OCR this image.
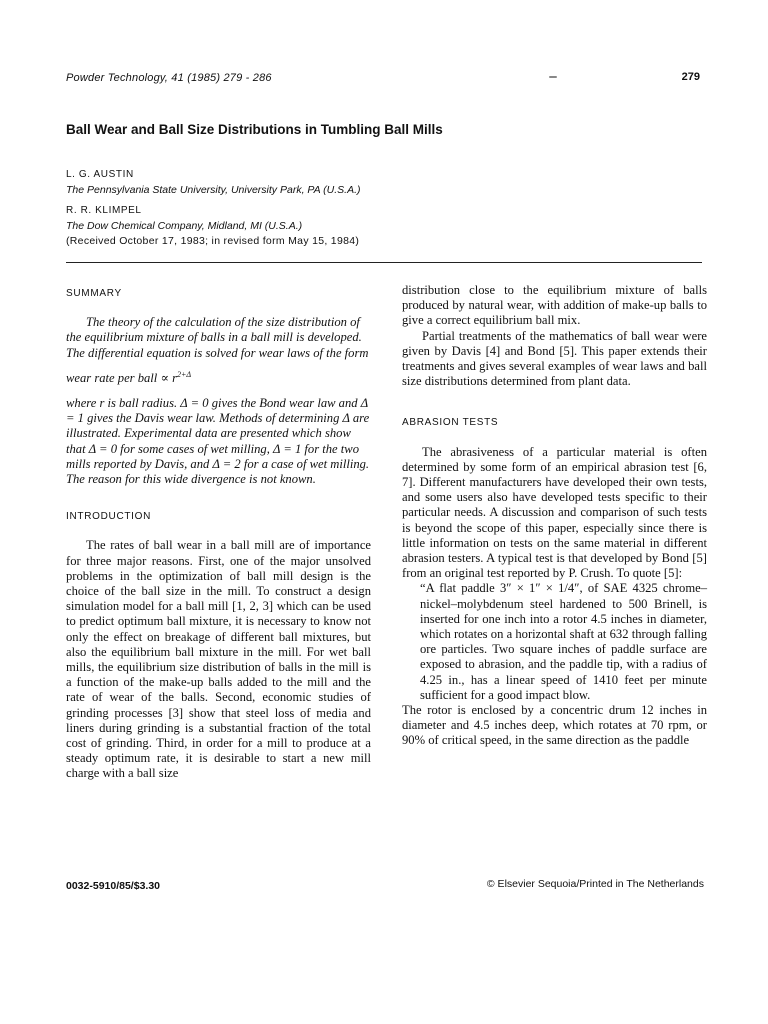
Powder Technology, 41 (1985) 279 - 286	279
Ball Wear and Ball Size Distributions in Tumbling Ball Mills
L. G. AUSTIN
The Pennsylvania State University, University Park, PA (U.S.A.)
R. R. KLIMPEL
The Dow Chemical Company, Midland, MI (U.S.A.)
(Received October 17, 1983; in revised form May 15, 1984)
SUMMARY

The theory of the calculation of the size distribution of the equilibrium mixture of balls in a ball mill is developed. The differential equation is solved for wear laws of the form

wear rate per ball ∝ $r^{2+\Delta}$

where r is ball radius. Δ = 0 gives the Bond wear law and Δ = 1 gives the Davis wear law. Methods of determining Δ are illustrated. Experimental data are presented which show that Δ = 0 for some cases of wet milling, Δ = 1 for the two mills reported by Davis, and Δ = 2 for a case of wet milling. The reason for this wide divergence is not known.

INTRODUCTION

The rates of ball wear in a ball mill are of importance for three major reasons. First, one of the major unsolved problems in the optimization of ball mill design is the choice of the ball size in the mill. To construct a design simulation model for a ball mill [1, 2, 3] which can be used to predict optimum ball mixture, it is necessary to know not only the effect on breakage of different ball mixtures, but also the equilibrium ball mixture in the mill. For wet ball mills, the equilibrium size distribution of balls in the mill is a function of the make-up balls added to the mill and the rate of wear of the balls. Second, economic studies of grinding processes [3] show that steel loss of media and liners during grinding is a substantial fraction of the total cost of grinding. Third, in order for a mill to produce at a steady optimum rate, it is desirable to start a new mill charge with a ball size

distribution close to the equilibrium mixture of balls produced by natural wear, with addition of make-up balls to give a correct equilibrium ball mix.

Partial treatments of the mathematics of ball wear were given by Davis [4] and Bond [5]. This paper extends their treatments and gives several examples of wear laws and ball size distributions determined from plant data.

ABRASION TESTS

The abrasiveness of a particular material is often determined by some form of an empirical abrasion test [6, 7]. Different manufacturers have developed their own tests, and some users also have developed tests specific to their particular needs. A discussion and comparison of such tests is beyond the scope of this paper, especially since there is little information on tests on the same material in different abrasion testers. A typical test is that developed by Bond [5] from an original test reported by P. Crush. To quote [5]:

“A flat paddle 3″ × 1″ × 1/4″, of SAE 4325 chrome–nickel–molybdenum steel hardened to 500 Brinell, is inserted for one inch into a rotor 4.5 inches in diameter, which rotates on a horizontal shaft at 632 through falling ore particles. Two square inches of paddle surface are exposed to abrasion, and the paddle tip, with a radius of 4.25 in., has a linear speed of 1410 feet per minute sufficient for a good impact blow.

The rotor is enclosed by a concentric drum 12 inches in diameter and 4.5 inches deep, which rotates at 70 rpm, or 90% of critical speed, in the same direction as the paddle

0032-5910/85/$3.30	© Elsevier Sequoia/Printed in The Netherlands
